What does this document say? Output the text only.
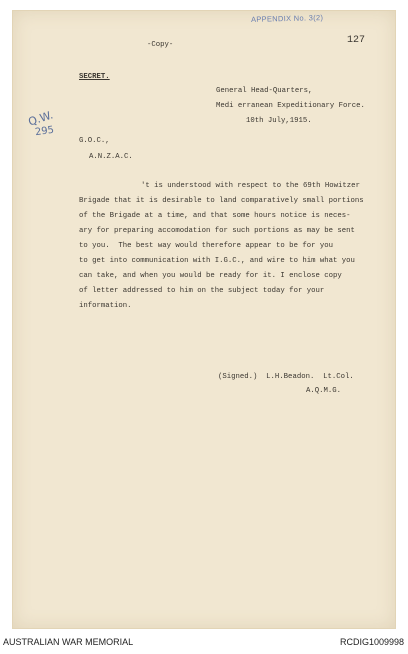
APPENDIX No. 3(2)
-Copy-	127
Q.W.
295
SECRET.
General Head-Quarters,
Medi erranean Expeditionary Force.
10th July,1915.
G.O.C.,
A.N.Z.A.C.
't is understood with respect to the 69th Howitzer
Brigade that it is desirable to land comparatively small portions
of the Brigade at a time, and that some hours notice is neces-
ary for preparing accomodation for such portions as may be sent
to you.  The best way would therefore appear to be for you
to get into communication with I.G.C., and wire to him what you
can take, and when you would be ready for it. I enclose copy
of letter addressed to him on the subject today for your
information.
(Signed.)  L.H.Beadon.  Lt.Col.
A.Q.M.G.
AUSTRALIAN WAR MEMORIAL	RCDIG1009998
